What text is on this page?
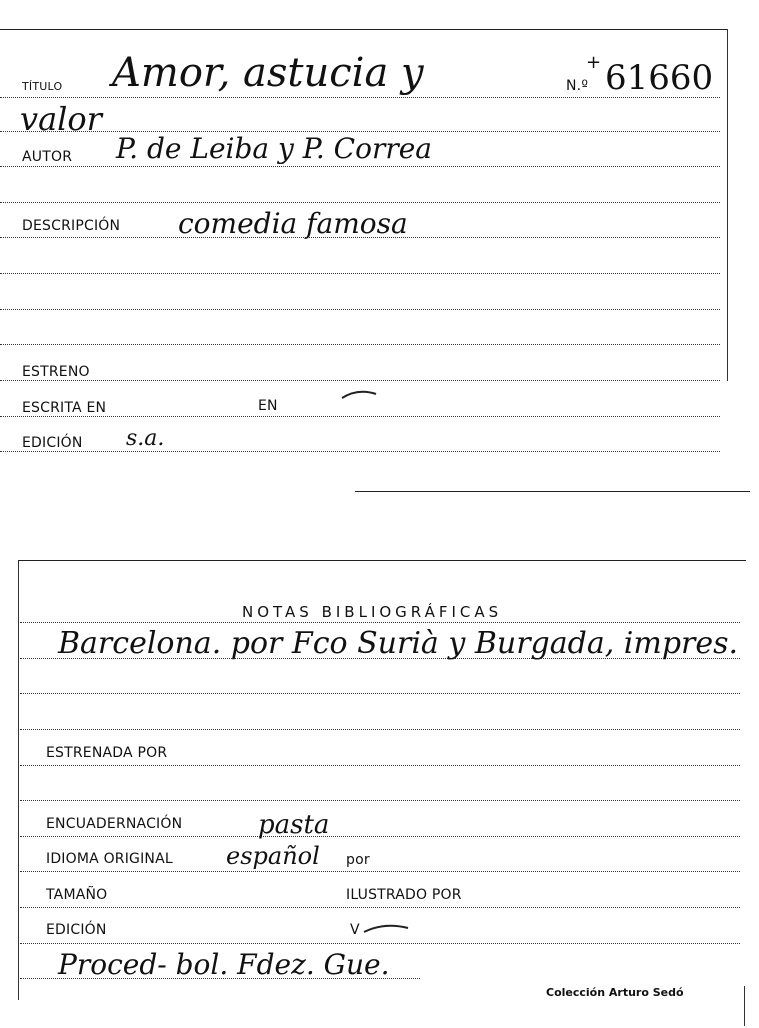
TÍTULO Amor, astucia y
valor
N.º 61660
+
AUTOR P. de Leiba y P. Correa
DESCRIPCIÓN comedia famosa
ESTRENO
ESCRITA EN	EN
EDICIÓN s.a.
NOTAS BIBLIOGRÁFICAS
Barcelona. por Fco Surià y Burgada, impres.
ESTRENADA POR
ENCUADERNACIÓN	pasta
IDIOMA ORIGINAL español por
TAMAÑO	ILUSTRADO POR
EDICIÓN	V
Proced- bol. Fdez. Gue.
Colección Arturo Sedó
